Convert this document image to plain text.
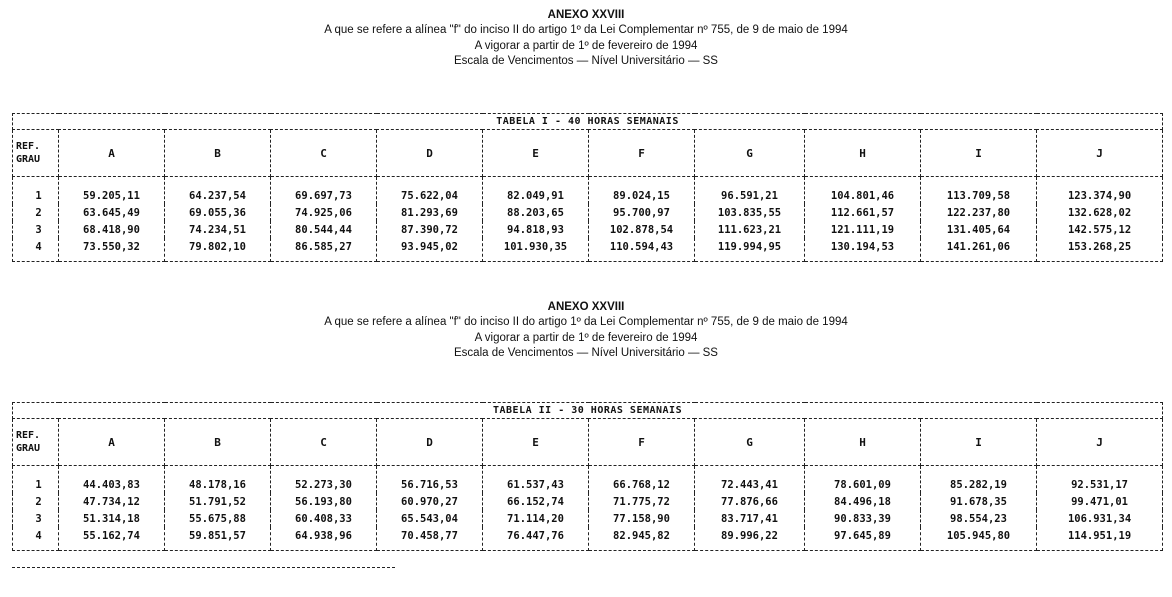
ANEXO XXVIII
A que se refere a alínea "f" do inciso II do artigo 1º da Lei Complementar nº 755, de 9 de maio de 1994
A vigorar a partir de 1º de fevereiro de 1994
Escala de Vencimentos — Nível Universitário — SS
TABELA I - 40 HORAS SEMANAIS										
REF.
GRAU	A	B	C	D	E	F	G	H	I	J
1	59.205,11	64.237,54	69.697,73	75.622,04	82.049,91	89.024,15	96.591,21	104.801,46	113.709,58	123.374,90
2	63.645,49	69.055,36	74.925,06	81.293,69	88.203,65	95.700,97	103.835,55	112.661,57	122.237,80	132.628,02
3	68.418,90	74.234,51	80.544,44	87.390,72	94.818,93	102.878,54	111.623,21	121.111,19	131.405,64	142.575,12
4	73.550,32	79.802,10	86.585,27	93.945,02	101.930,35	110.594,43	119.994,95	130.194,53	141.261,06	153.268,25
ANEXO XXVIII
A que se refere a alínea "f" do inciso II do artigo 1º da Lei Complementar nº 755, de 9 de maio de 1994
A vigorar a partir de 1º de fevereiro de 1994
Escala de Vencimentos — Nível Universitário — SS
TABELA II - 30 HORAS SEMANAIS										
REF.
GRAU	A	B	C	D	E	F	G	H	I	J
1	44.403,83	48.178,16	52.273,30	56.716,53	61.537,43	66.768,12	72.443,41	78.601,09	85.282,19	92.531,17
2	47.734,12	51.791,52	56.193,80	60.970,27	66.152,74	71.775,72	77.876,66	84.496,18	91.678,35	99.471,01
3	51.314,18	55.675,88	60.408,33	65.543,04	71.114,20	77.158,90	83.717,41	90.833,39	98.554,23	106.931,34
4	55.162,74	59.851,57	64.938,96	70.458,77	76.447,76	82.945,82	89.996,22	97.645,89	105.945,80	114.951,19
